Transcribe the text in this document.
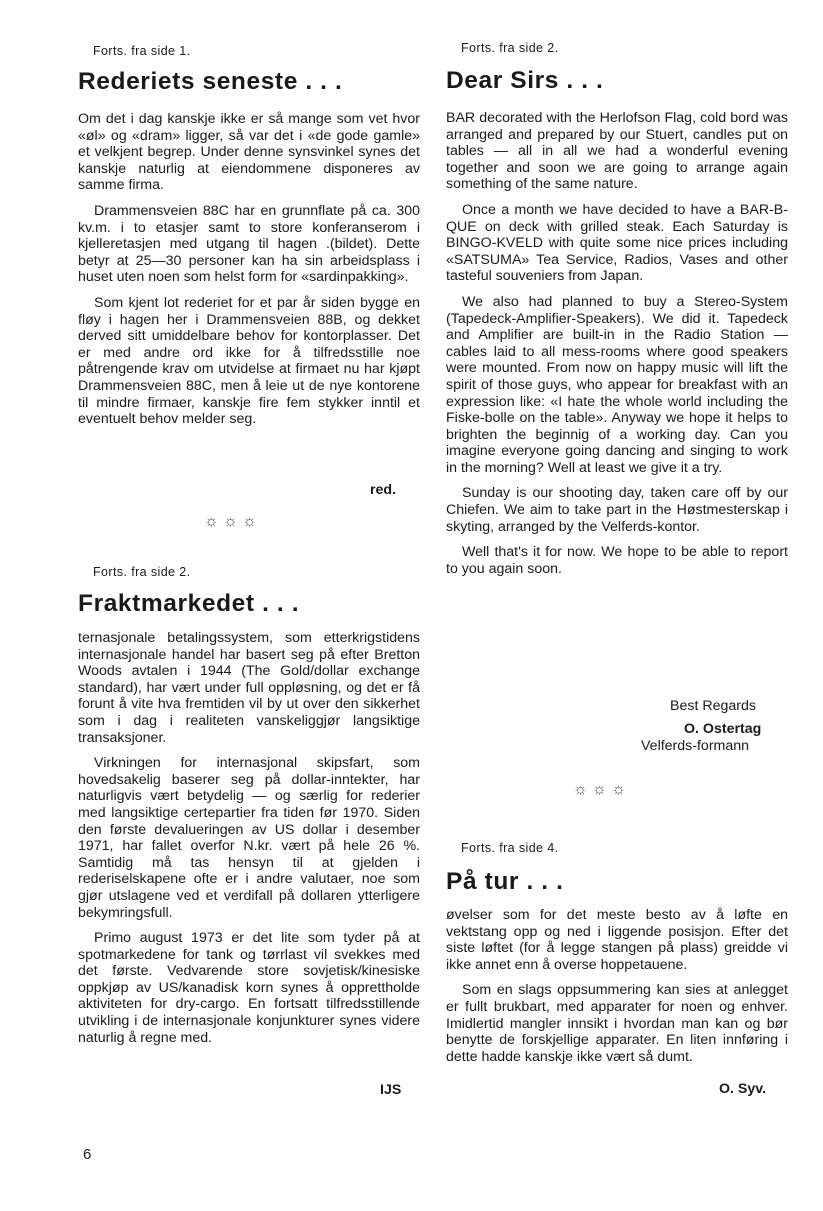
Forts. fra side 1.

Rederiets seneste . . .

Om det i dag kanskje ikke er så mange som vet hvor «øl» og «dram» ligger, så var det i «de gode gamle» et velkjent begrep. Under denne synsvinkel synes det kanskje naturlig at eiendommene disponeres av samme firma.

Drammensveien 88C har en grunnflate på ca. 300 kv.m. i to etasjer samt to store konferanserom i kjelleretasjen med utgang til hagen .(bildet). Dette betyr at 25—30 personer kan ha sin arbeidsplass i huset uten noen som helst form for «sardinpakking».

Som kjent lot rederiet for et par år siden bygge en fløy i hagen her i Drammensveien 88B, og dekket derved sitt umiddelbare behov for kontorplasser. Det er med andre ord ikke for å tilfredsstille noe påtrengende krav om utvidelse at firmaet nu har kjøpt Drammensveien 88C, men å leie ut de nye kontorene til mindre firmaer, kanskje fire fem stykker inntil et eventuelt behov melder seg.

red.
☼ ☼ ☼

Forts. fra side 2.

Fraktmarkedet . . .

ternasjonale betalingssystem, som etterkrigstidens internasjonale handel har basert seg på efter Bretton Woods avtalen i 1944 (The Gold/dollar exchange standard), har vært under full oppløsning, og det er få forunt å vite hva fremtiden vil by ut over den sikkerhet som i dag i realiteten vanskeliggjør langsiktige transaksjoner.

Virkningen for internasjonal skipsfart, som hovedsakelig baserer seg på dollar-inntekter, har naturligvis vært betydelig — og særlig for rederier med langsiktige certepartier fra tiden før 1970. Siden den første devalueringen av US dollar i desember 1971, har fallet overfor N.kr. vært på hele 26 %. Samtidig må tas hensyn til at gjelden i rederiselskapene ofte er i andre valutaer, noe som gjør utslagene ved et verdifall på dollaren ytterligere bekymringsfull.

Primo august 1973 er det lite som tyder på at spotmarkedene for tank og tørrlast vil svekkes med det første. Vedvarende store sovjetisk/kinesiske oppkjøp av US/kanadisk korn synes å opprettholde aktiviteten for dry-cargo. En fortsatt tilfredsstillende utvikling i de internasjonale konjunkturer synes videre naturlig å regne med.

IJS

Forts. fra side 2.

Dear Sirs . . .

BAR decorated with the Herlofson Flag, cold bord was arranged and prepared by our Stuert, candles put on tables — all in all we had a wonderful evening together and soon we are going to arrange again something of the same nature.

Once a month we have decided to have a BAR-B-QUE on deck with grilled steak. Each Saturday is BINGO-KVELD with quite some nice prices including «SATSUMA» Tea Service, Radios, Vases and other tasteful souveniers from Japan.

We also had planned to buy a Stereo-System (Tapedeck-Amplifier-Speakers). We did it. Tapedeck and Amplifier are built-in in the Radio Station — cables laid to all mess-rooms where good speakers were mounted. From now on happy music will lift the spirit of those guys, who appear for breakfast with an expression like: «I hate the whole world including the Fiske-bolle on the table». Anyway we hope it helps to brighten the beginnig of a working day. Can you imagine everyone going dancing and singing to work in the morning? Well at least we give it a try.

Sunday is our shooting day, taken care off by our Chiefen. We aim to take part in the Høstmesterskap i skyting, arranged by the Velferds-kontor.

Well that's it for now. We hope to be able to report to you again soon.

Best Regards
O. Ostertag
Velferds-formann
☼ ☼ ☼

Forts. fra side 4.

På tur . . .

øvelser som for det meste besto av å løfte en vektstang opp og ned i liggende posisjon. Efter det siste løftet (for å legge stangen på plass) greidde vi ikke annet enn å overse hoppetauene.

Som en slags oppsummering kan sies at anlegget er fullt brukbart, med apparater for noen og enhver. Imidlertid mangler innsikt i hvordan man kan og bør benytte de forskjellige apparater. En liten innføring i dette hadde kanskje ikke vært så dumt.

O. Syv.
6
